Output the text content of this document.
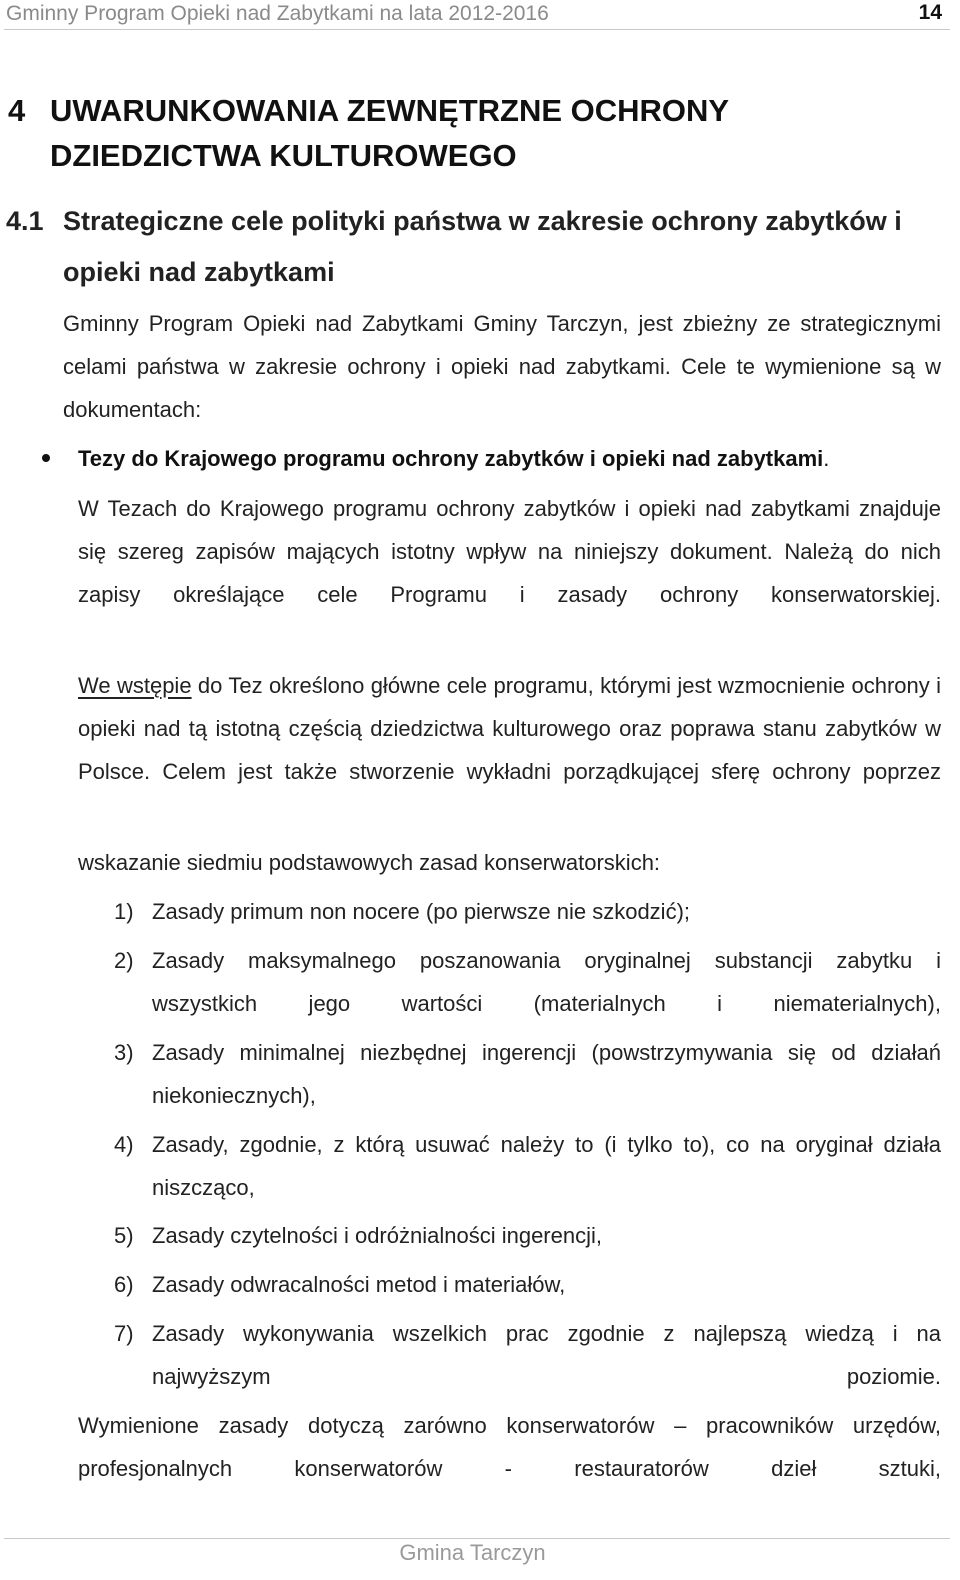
Gminny Program Opieki nad Zabytkami na lata 2012-2016	14
4 UWARUNKOWANIA ZEWNĘTRZNE OCHRONY DZIEDZICTWA KULTUROWEGO
4.1 Strategiczne cele polityki państwa w zakresie ochrony zabytków i opieki nad zabytkami

Gminny Program Opieki nad Zabytkami Gminy Tarczyn, jest zbieżny ze strategicznymi celami państwa w zakresie ochrony i opieki nad zabytkami. Cele te wymienione są w dokumentach:

Tezy do Krajowego programu ochrony zabytków i opieki nad zabytkami.

W Tezach do Krajowego programu ochrony zabytków i opieki nad zabytkami znajduje się szereg zapisów mających istotny wpływ na niniejszy dokument. Należą do nich zapisy określające cele Programu i zasady ochrony konserwatorskiej.

We wstępie do Tez określono główne cele programu, którymi jest wzmocnienie ochrony i opieki nad tą istotną częścią dziedzictwa kulturowego oraz poprawa stanu zabytków w Polsce. Celem jest także stworzenie wykładni porządkującej sferę ochrony poprzez

wskazanie siedmiu podstawowych zasad konserwatorskich:

1) Zasady primum non nocere (po pierwsze nie szkodzić);

2) Zasady maksymalnego poszanowania oryginalnej substancji zabytku i wszystkich jego wartości (materialnych i niematerialnych),

3) Zasady minimalnej niezbędnej ingerencji (powstrzymywania się od działań niekoniecznych),

4) Zasady, zgodnie, z którą usuwać należy to (i tylko to), co na oryginał działa niszcząco,

5) Zasady czytelności i odróżnialności ingerencji,

6) Zasady odwracalności metod i materiałów,

7) Zasady wykonywania wszelkich prac zgodnie z najlepszą wiedzą i na najwyższym poziomie.

Wymienione zasady dotyczą zarówno konserwatorów – pracowników urzędów, profesjonalnych konserwatorów - restauratorów dzieł sztuki,

Gmina Tarczyn
